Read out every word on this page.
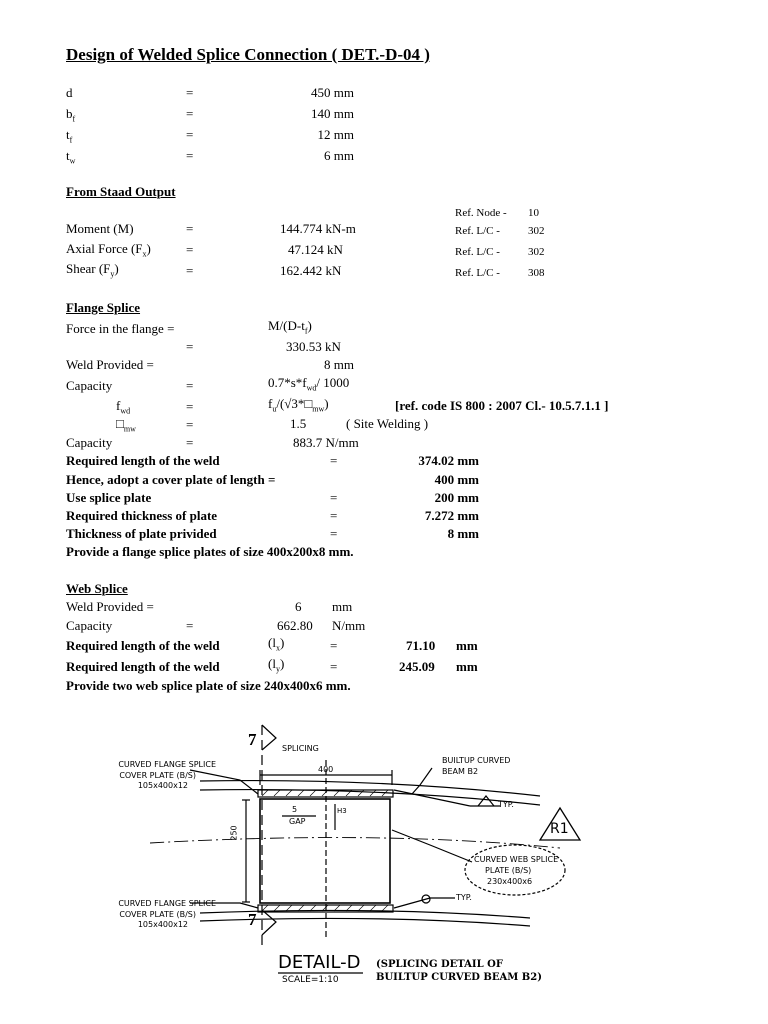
Design of Welded Splice Connection ( DET.-D-04 )
d	=	450 mm
$b_f$	=	140 mm
$t_f$	=	12 mm
$t_w$	=	6 mm
From Staad Output
Ref. Node - 10
Moment (M)	=	144.774 kN-m	Ref. L/C -	302
Axial Force $(F_x)$	=	47.124 kN	Ref. L/C -	302
Shear $(F_y)$	=	162.442 kN	Ref. L/C -	308
Flange Splice
Force in the flange =	$M/(D-t_f)$
=	330.53 kN
Weld Provided =	8 mm
Capacity	=	$0.7*s*f_{wd}/$ 1000
$f_{wd}$	=	$f_u/(√3*□_{mw})$	[ref. code IS 800 : 2007 Cl.- 10.5.7.1.1 ]
$□_{mw}$	=	1.5	( Site Welding )
Capacity	=	883.7 N/mm
Required length of the weld	=	374.02 mm
Hence, adopt a cover plate of length =	400 mm
Use splice plate	=	200 mm
Required thickness of plate	=	7.272 mm
Thickness of plate privided	=	8 mm
Provide a flange splice plates of size 400x200x8 mm.
Web Splice
Weld Provided =	6 mm
Capacity	=	662.80 N/mm
Required length of the weld	$(l_x)$	=	71.10 mm
Required length of the weld	$(l_y)$	=	245.09 mm
Provide two web splice plate of size 240x400x6 mm.
7
7
SPLICING
400
250
5
GAP
H3
CURVED FLANGE SPLICE
COVER PLATE (B/S)
105x400x12
BUILTUP CURVED
BEAM B2
TYP.
TYP.
R1
CURVED WEB SPLICE
PLATE (B/S)
230x400x6
CURVED FLANGE SPLICE
COVER PLATE (B/S)
105x400x12
DETAIL-D
SCALE=1:10
(SPLICING DETAIL OF
BUILTUP CURVED BEAM B2)
